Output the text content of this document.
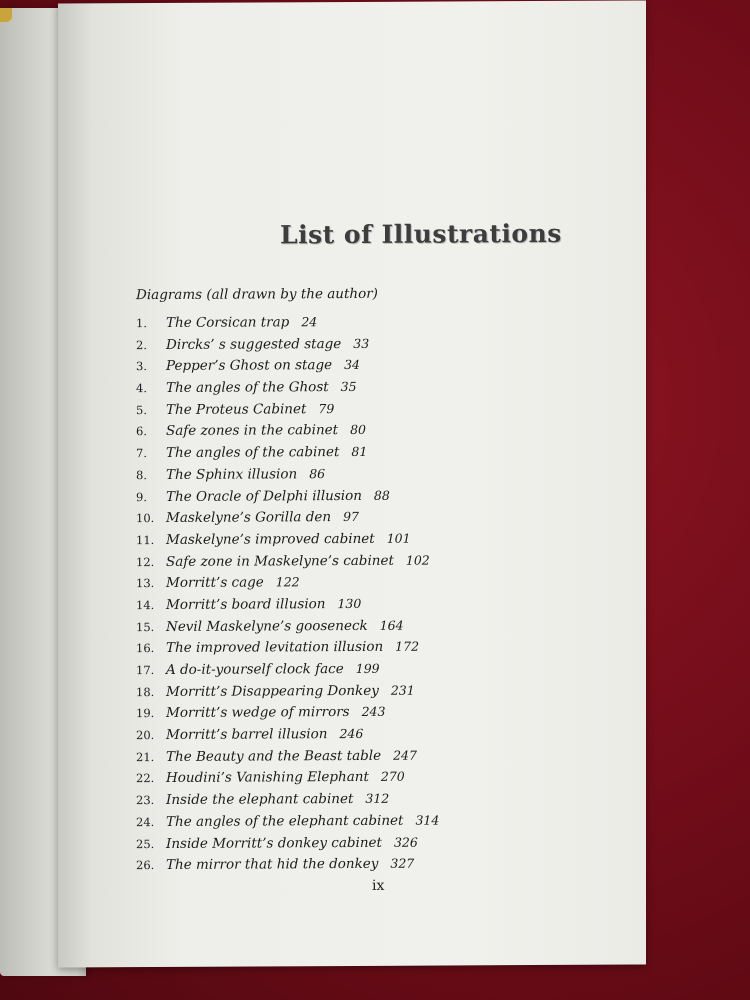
List of Illustrations
Diagrams (all drawn by the author)
1. The Corsican trap 24
2. Dircks’ s suggested stage 33
3. Pepper’s Ghost on stage 34
4. The angles of the Ghost 35
5. The Proteus Cabinet 79
6. Safe zones in the cabinet 80
7. The angles of the cabinet 81
8. The Sphinx illusion 86
9. The Oracle of Delphi illusion 88
10. Maskelyne’s Gorilla den 97
11. Maskelyne’s improved cabinet 101
12. Safe zone in Maskelyne’s cabinet 102
13. Morritt’s cage 122
14. Morritt’s board illusion 130
15. Nevil Maskelyne’s gooseneck 164
16. The improved levitation illusion 172
17. A do-it-yourself clock face 199
18. Morritt’s Disappearing Donkey 231
19. Morritt’s wedge of mirrors 243
20. Morritt’s barrel illusion 246
21. The Beauty and the Beast table 247
22. Houdini’s Vanishing Elephant 270
23. Inside the elephant cabinet 312
24. The angles of the elephant cabinet 314
25. Inside Morritt’s donkey cabinet 326
26. The mirror that hid the donkey 327
ix
